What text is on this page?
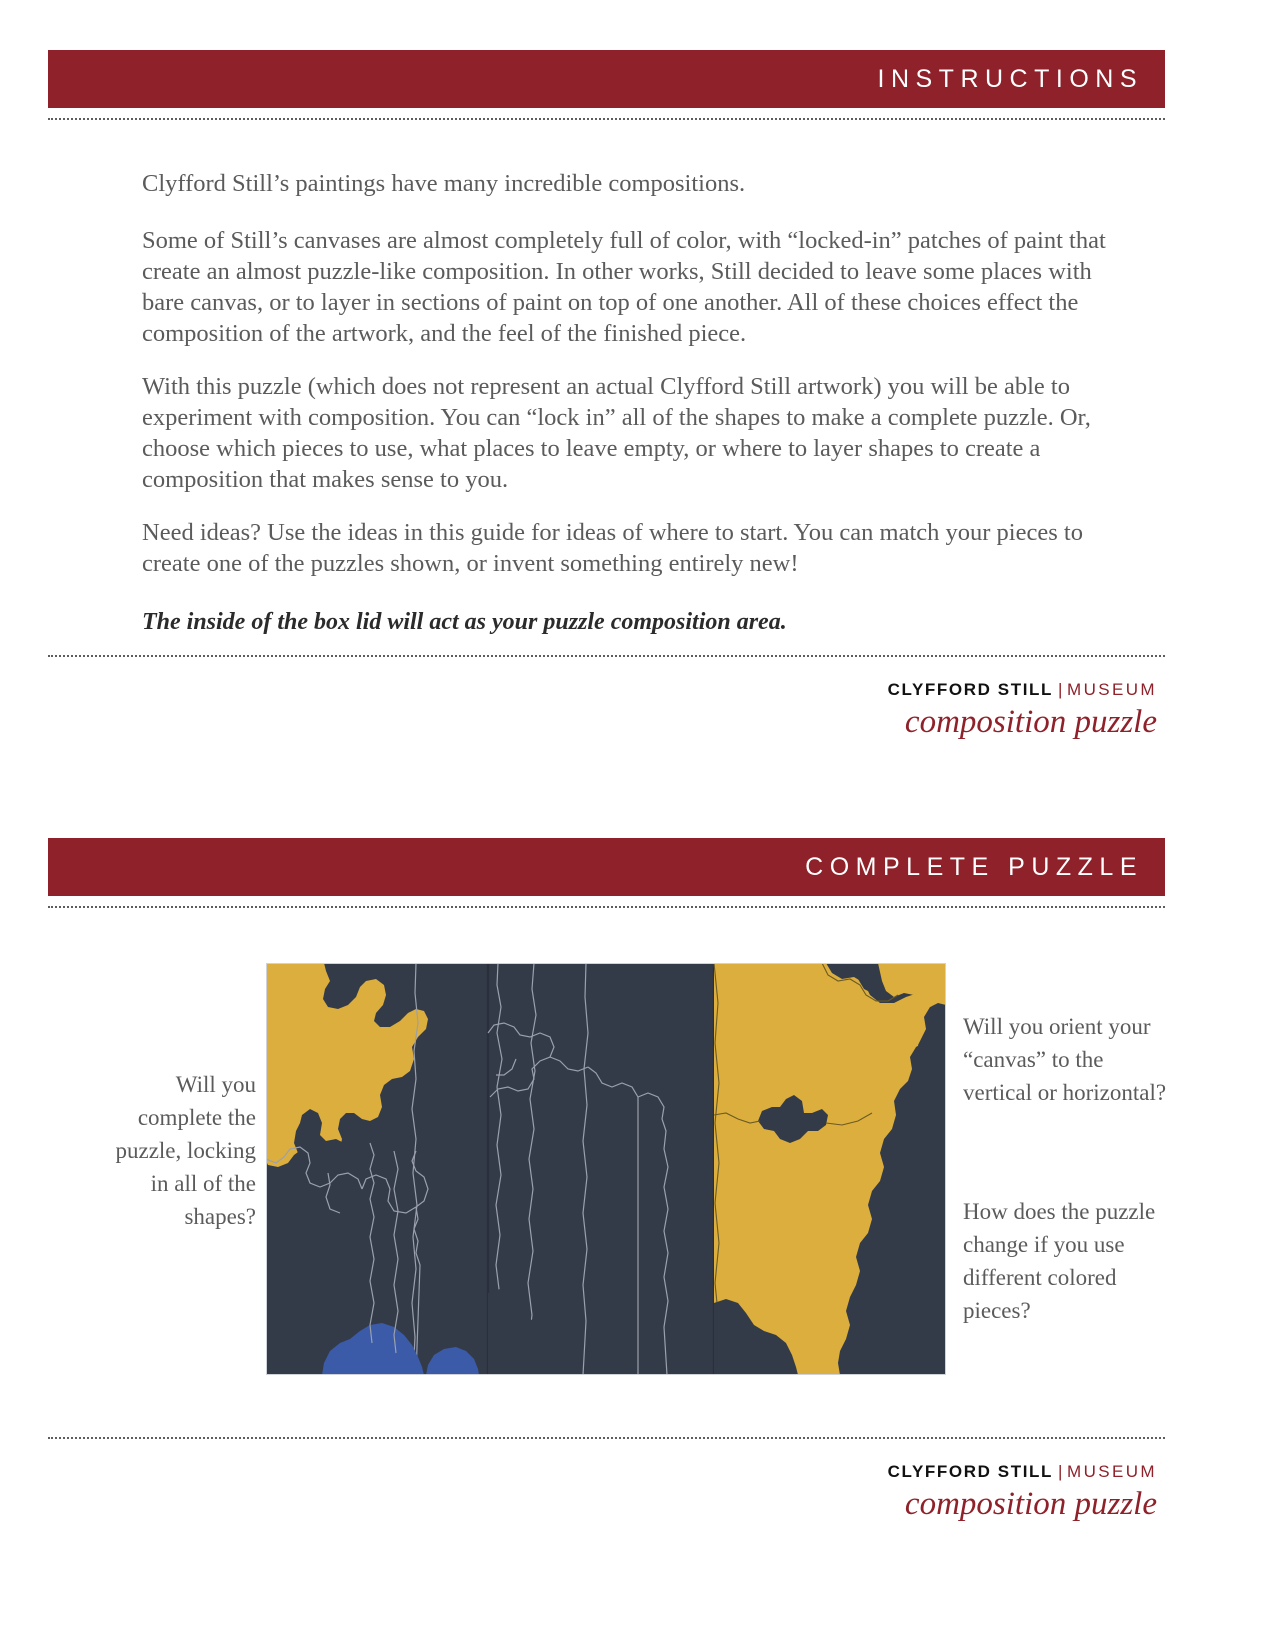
INSTRUCTIONS

Clyfford Still’s paintings have many incredible compositions.

Some of Still’s canvases are almost completely full of color, with “locked-in” patches of paint that create an almost puzzle-like composition. In other works, Still decided to leave some places with bare canvas, or to layer in sections of paint on top of one another. All of these choices effect the composition of the artwork, and the feel of the finished piece.

With this puzzle (which does not represent an actual Clyfford Still artwork) you will be able to experiment with composition. You can “lock in” all of the shapes to make a complete puzzle. Or, choose which pieces to use, what places to leave empty, or where to layer shapes to create a composition that makes sense to you.

Need ideas? Use the ideas in this guide for ideas of where to start. You can match your pieces to create one of the puzzles shown, or invent something entirely new!

The inside of the box lid will act as your puzzle composition area.

CLYFFORD STILL | MUSEUM
composition puzzle
COMPLETE PUZZLE
Will you complete the puzzle, locking in all of the shapes?
Will you orient your “canvas” to the vertical or horizontal?
How does the puzzle change if you use different colored pieces?
CLYFFORD STILL | MUSEUM
composition puzzle
